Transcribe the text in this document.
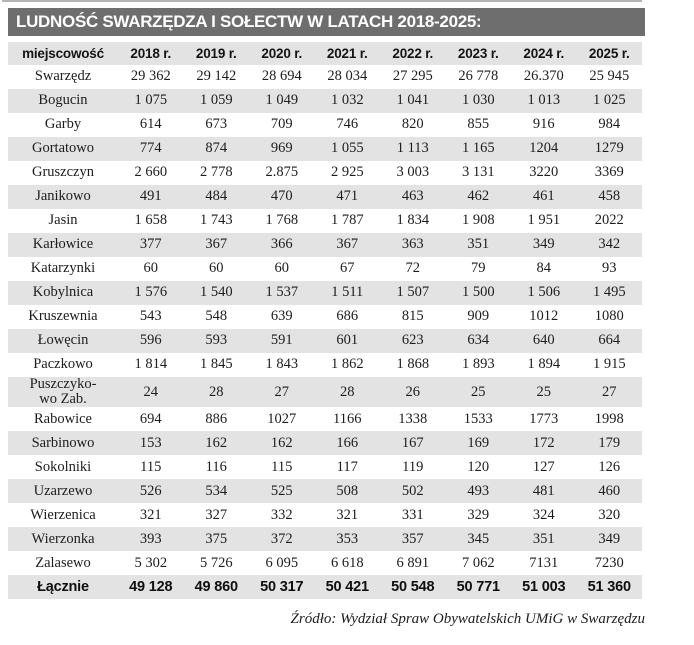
LUDNOŚĆ SWARZĘDZA I SOŁECTW W LATACH 2018-2025:
miejscowość	2018 r.	2019 r.	2020 r.	2021 r.	2022 r.	2023 r.	2024 r.	2025 r.
Swarzędz	29 362	29 142	28 694	28 034	27 295	26 778	26.370	25 945
Bogucin	1 075	1 059	1 049	1 032	1 041	1 030	1 013	1 025
Garby	614	673	709	746	820	855	916	984
Gortatowo	774	874	969	1 055	1 113	1 165	1204	1279
Gruszczyn	2 660	2 778	2.875	2 925	3 003	3 131	3220	3369
Janikowo	491	484	470	471	463	462	461	458
Jasin	1 658	1 743	1 768	1 787	1 834	1 908	1 951	2022
Karłowice	377	367	366	367	363	351	349	342
Katarzynki	60	60	60	67	72	79	84	93
Kobylnica	1 576	1 540	1 537	1 511	1 507	1 500	1 506	1 495
Kruszewnia	543	548	639	686	815	909	1012	1080
Łowęcin	596	593	591	601	623	634	640	664
Paczkowo	1 814	1 845	1 843	1 862	1 868	1 893	1 894	1 915
Puszczyko-
wo Zab.	24	28	27	28	26	25	25	27
Rabowice	694	886	1027	1166	1338	1533	1773	1998
Sarbinowo	153	162	162	166	167	169	172	179
Sokolniki	115	116	115	117	119	120	127	126
Uzarzewo	526	534	525	508	502	493	481	460
Wierzenica	321	327	332	321	331	329	324	320
Wierzonka	393	375	372	353	357	345	351	349
Zalasewo	5 302	5 726	6 095	6 618	6 891	7 062	7131	7230
Łącznie	49 128	49 860	50 317	50 421	50 548	50 771	51 003	51 360
Źródło: Wydział Spraw Obywatelskich UMiG w Swarzędzu
